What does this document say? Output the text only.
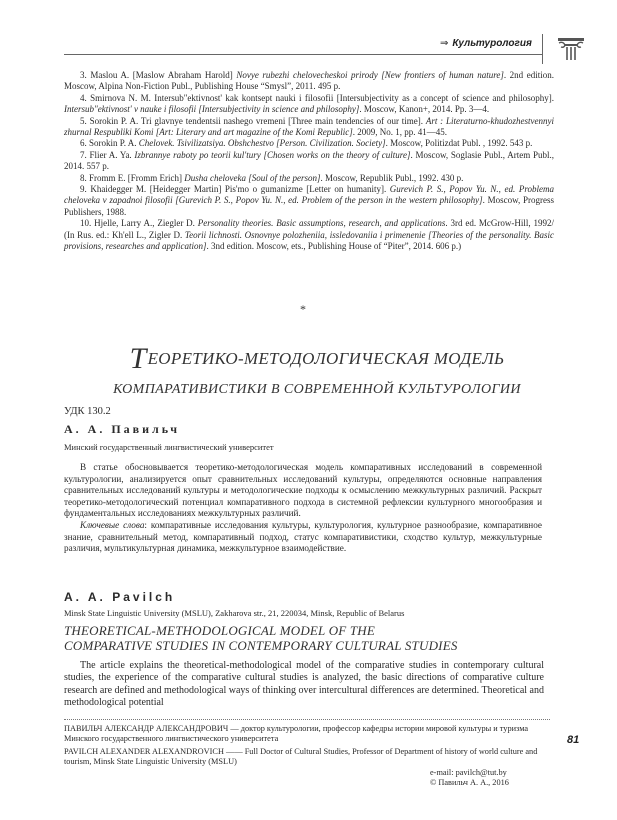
⇒ Культурология

3. Maslou A. [Maslow Abraham Harold] Novye rubezhi chelovecheskoi prirody [New frontiers of human nature]. 2nd edition. Moscow, Alpina Non-Fiction Publ., Publishing House “Smysl”, 2011. 495 p.

4. Smirnova N. M. Intersub"ektivnost' kak kontsept nauki i filosofii [Intersubjectivity as a concept of science and philosophy]. Intersub"ektivnost' v nauke i filosofii [Intersubjectivity in science and philosophy]. Moscow, Kanon+, 2014. Pp. 3—4.

5. Sorokin P. A. Tri glavnye tendentsii nashego vremeni [Three main tendencies of our time]. Art : Literaturno-khudozhestvennyi zhurnal Respubliki Komi [Art: Literary and art magazine of the Komi Republic]. 2009, No. 1, pp. 41—45.

6. Sorokin P. A. Chelovek. Tsivilizatsiya. Obshchestvo [Person. Civilization. Society]. Moscow, Politizdat Publ. , 1992. 543 p.

7. Flier A. Ya. Izbrannye raboty po teorii kul'tury [Chosen works on the theory of culture]. Moscow, Soglasie Publ., Artem Publ., 2014. 557 p.

8. Fromm E. [Fromm Erich] Dusha cheloveka [Soul of the person]. Moscow, Republik Publ., 1992. 430 p.

9. Khaidegger M. [Heidegger Martin] Pis'mo o gumanizme [Letter on humanity]. Gurevich P. S., Popov Yu. N., ed. Problema cheloveka v zapadnoi filosofii [Gurevich P. S., Popov Yu. N., ed. Problem of the person in the western philosophy]. Moscow, Progress Publishers, 1988.

10. Hjelle, Larry A., Ziegler D. Personality theories. Basic assumptions, research, and applications. 3rd ed. McGrow-Hill, 1992/ (In Rus. ed.: Kh'ell L., Zigler D. Teorii lichnosti. Osnovnye polozheniia, issledovaniia i primenenie [Theories of the personality. Basic provisions, researches and application]. 3nd edition. Moscow, ets., Publishing House of “Piter”, 2014. 606 p.)

*
ТЕОРЕТИКО-МЕТОДОЛОГИЧЕСКАЯ МОДЕЛЬ
КОМПАРАТИВИСТИКИ В СОВРЕМЕННОЙ КУЛЬТУРОЛОГИИ
УДК 130.2
А. А. Павильч
Минский государственный лингвистический университет

В статье обосновывается теоретико-методологическая модель компаративных исследований в современной культурологии, анализируется опыт сравнительных исследований культуры, определяются основные направления сравнительных исследований культуры и методологические подходы к осмыслению межкультурных различий. Раскрыт теоретико-методологический потенциал компаративного подхода в системной рефлексии культурного многообразия и фундаментальных исследованиях межкультурных различий.

Ключевые слова: компаративные исследования культуры, культурология, культурное разнообразие, компаративное знание, сравнительный метод, компаративный подход, статус компаративистики, сходство культур, межкультурные различия, мультикультурная динамика, межкультурное взаимодействие.

A. A. Pavilch
Minsk State Linguistic University (MSLU), Zakharova str., 21, 220034, Minsk, Republic of Belarus
THEORETICAL-METHODOLOGICAL MODEL OF THE
COMPARATIVE STUDIES IN CONTEMPORARY CULTURAL STUDIES

The article explains the theoretical-methodological model of the comparative studies in contemporary cultural studies, the experience of the comparative cultural studies is analyzed, the basic directions of comparative culture research are defined and methodological ways of thinking over intercultural differences are determined. Theoretical and methodological potential

ПАВИЛЬЧ АЛЕКСАНДР АЛЕКСАНДРОВИЧ — доктор культурологии, профессор кафедры истории мировой культуры и туризма Минского государственного лингвистического университета

PAVILCH ALEXANDER ALEXANDROVICH —— Full Doctor of Cultural Studies, Professor of Department of history of world culture and tourism, Minsk State Linguistic University (MSLU)

e-mail: pavilch@tut.by
© Павильч А. А., 2016
81
